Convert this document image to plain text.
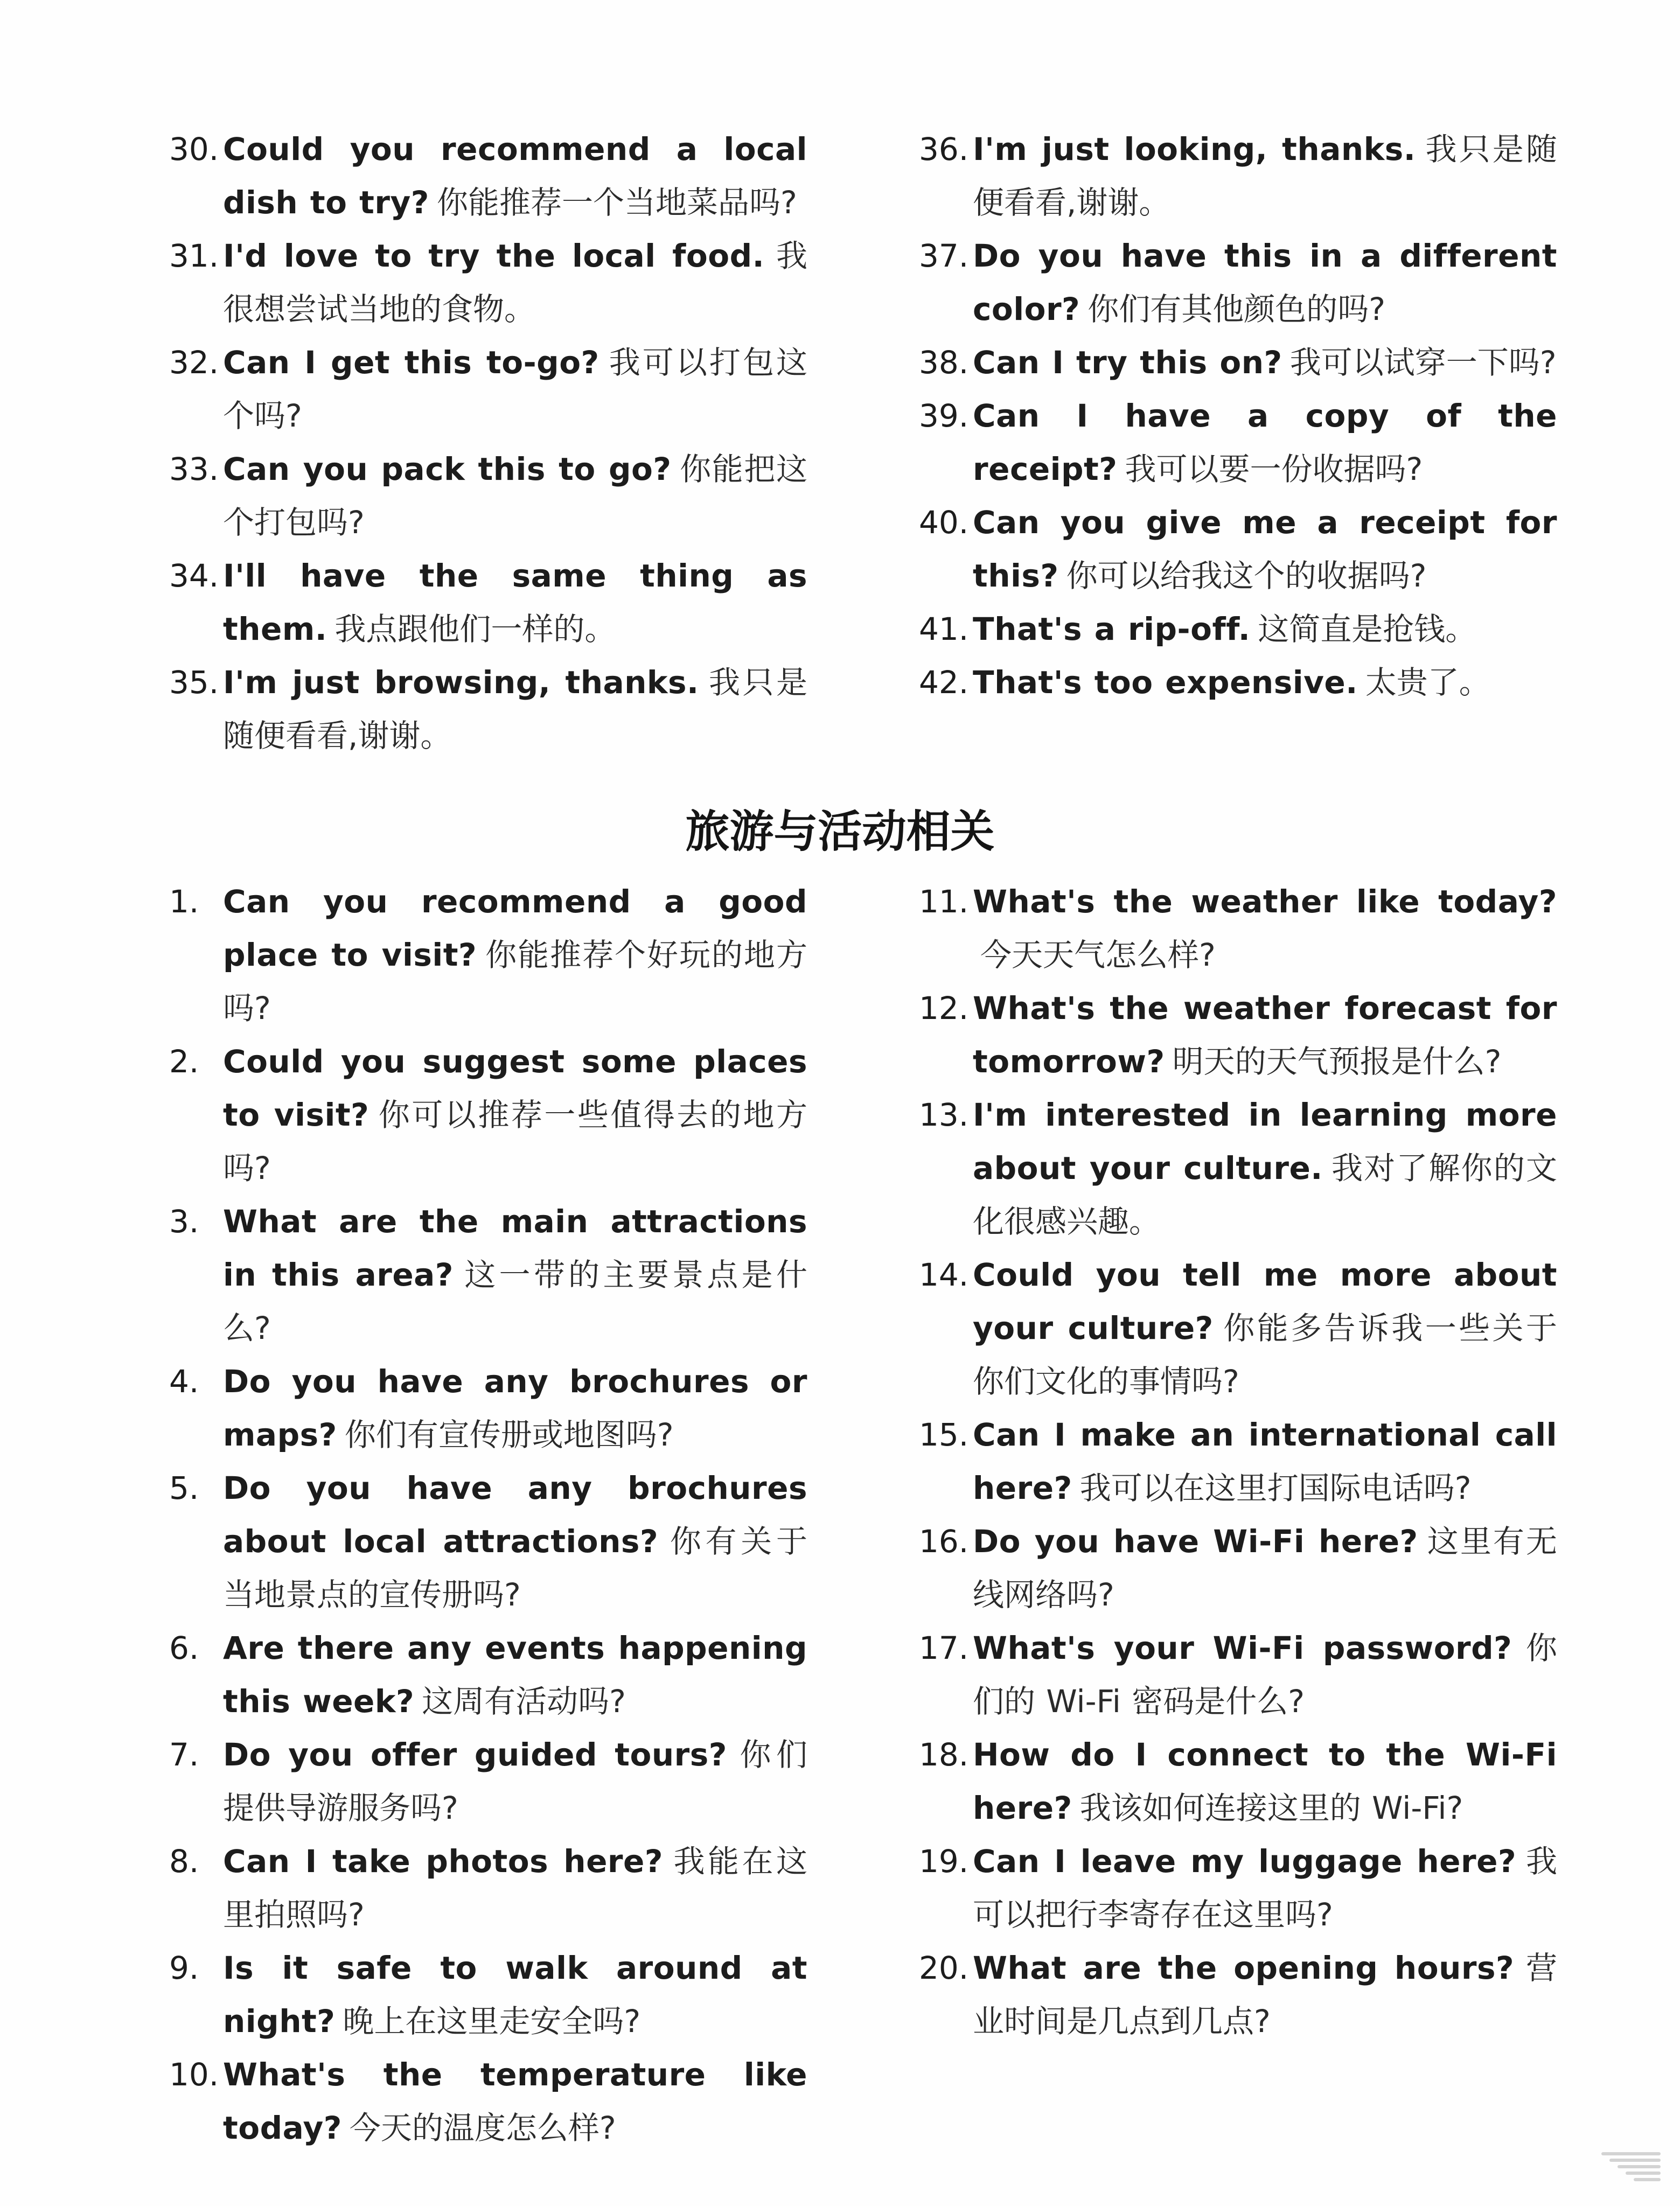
30. Could you recommend a local dish to try? 你能推荐一个当地菜品吗?
31. I'd love to try the local food. 我很想尝试当地的食物。
32. Can I get this to-go? 我可以打包这个吗?
33. Can you pack this to go? 你能把这个打包吗?
34. I'll have the same thing as them. 我点跟他们一样的。
35. I'm just browsing, thanks. 我只是随便看看,谢谢。
36. I'm just looking, thanks. 我只是随便看看,谢谢。
37. Do you have this in a different color? 你们有其他颜色的吗?
38. Can I try this on? 我可以试穿一下吗?
39. Can I have a copy of the receipt? 我可以要一份收据吗?
40. Can you give me a receipt for this? 你可以给我这个的收据吗?
41. That's a rip-off. 这简直是抢钱。
42. That's too expensive. 太贵了。
旅游与活动相关
1. Can you recommend a good place to visit? 你能推荐个好玩的地方吗?
2. Could you suggest some places to visit? 你可以推荐一些值得去的地方吗?
3. What are the main attractions in this area? 这一带的主要景点是什么?
4. Do you have any brochures or maps? 你们有宣传册或地图吗?
5. Do you have any brochures about local attractions? 你有关于当地景点的宣传册吗?
6. Are there any events happening this week? 这周有活动吗?
7. Do you offer guided tours? 你们提供导游服务吗?
8. Can I take photos here? 我能在这里拍照吗?
9. Is it safe to walk around at night? 晚上在这里走安全吗?
10. What's the temperature like today? 今天的温度怎么样?
11. What's the weather like today?今天天气怎么样?
12. What's the weather forecast for tomorrow? 明天的天气预报是什么?
13. I'm interested in learning more about your culture. 我对了解你的文化很感兴趣。
14. Could you tell me more about your culture? 你能多告诉我一些关于你们文化的事情吗?
15. Can I make an international call here? 我可以在这里打国际电话吗?
16. Do you have Wi-Fi here? 这里有无线网络吗?
17. What's your Wi-Fi password? 你们的 Wi-Fi 密码是什么?
18. How do I connect to the Wi-Fi here? 我该如何连接这里的 Wi-Fi?
19. Can I leave my luggage here? 我可以把行李寄存在这里吗?
20. What are the opening hours? 营业时间是几点到几点?
